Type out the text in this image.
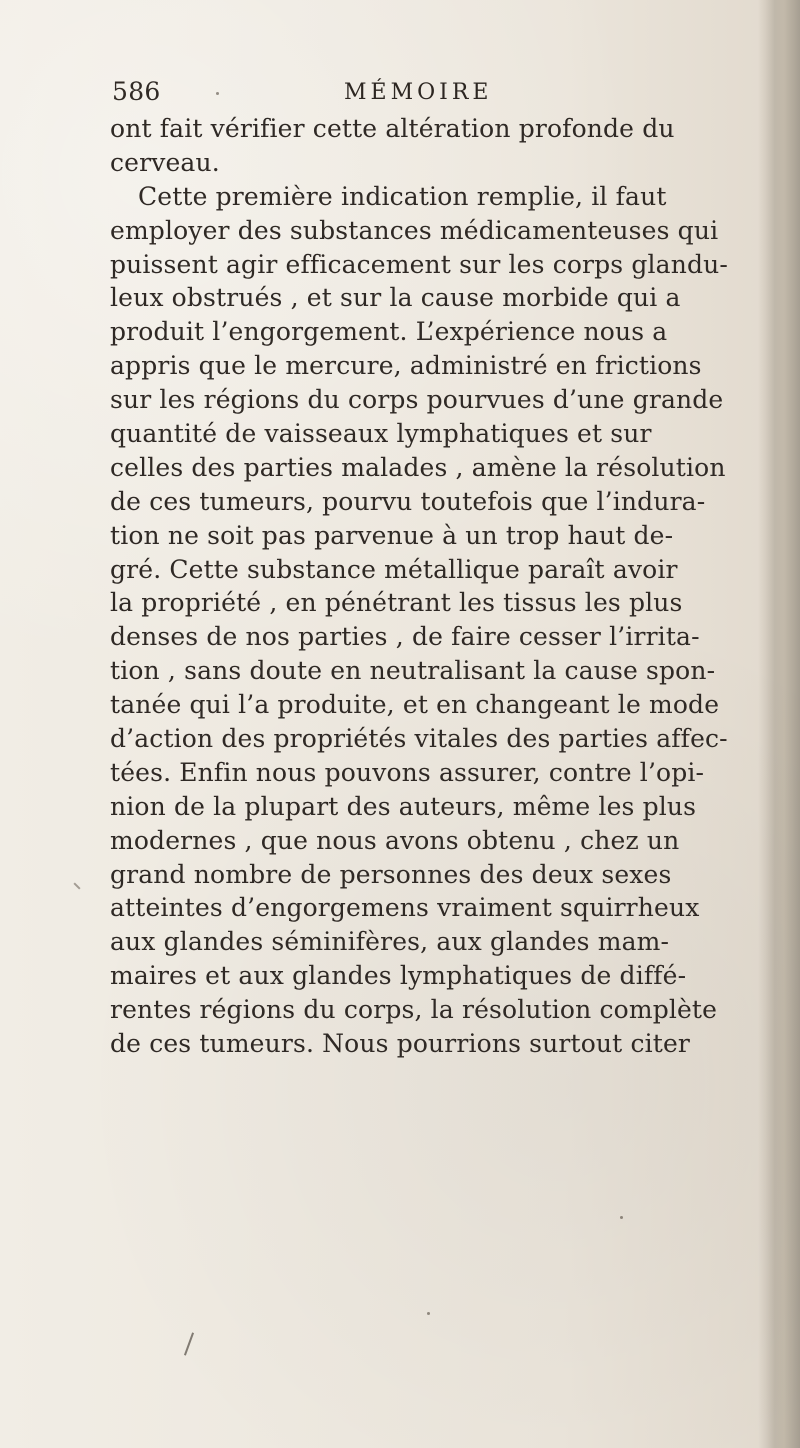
586	MÉMOIRE
ont fait vérifier cette altération profonde du
cerveau.
Cette première indication remplie, il faut
employer des substances médicamenteuses qui
puissent agir efficacement sur les corps glandu-
leux obstrués , et sur la cause morbide qui a
produit l’engorgement. L’expérience nous a
appris que le mercure, administré en frictions
sur les régions du corps pourvues d’une grande
quantité de vaisseaux lymphatiques et sur
celles des parties malades , amène la résolution
de ces tumeurs, pourvu toutefois que l’indura-
tion ne soit pas parvenue à un trop haut de-
gré. Cette substance métallique paraît avoir
la propriété , en pénétrant les tissus les plus
denses de nos parties , de faire cesser l’irrita-
tion , sans doute en neutralisant la cause spon-
tanée qui l’a produite, et en changeant le mode
d’action des propriétés vitales des parties affec-
tées. Enfin nous pouvons assurer, contre l’opi-
nion de la plupart des auteurs, même les plus
modernes , que nous avons obtenu , chez un
grand nombre de personnes des deux sexes
atteintes d’engorgemens vraiment squirrheux
aux glandes séminifères, aux glandes mam-
maires et aux glandes lymphatiques de diffé-
rentes régions du corps, la résolution complète
de ces tumeurs. Nous pourrions surtout citer
